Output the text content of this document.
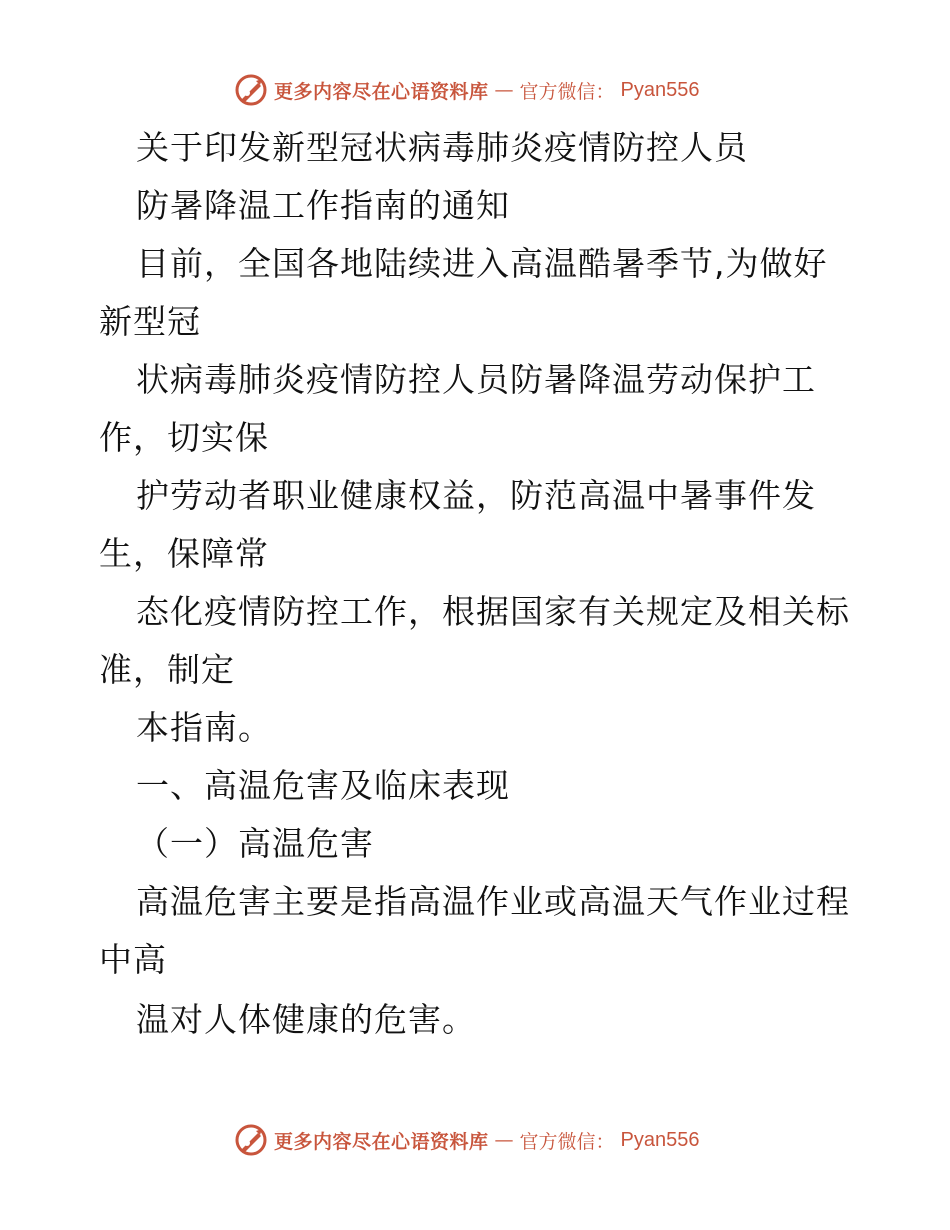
更多内容尽在心语资料库 — 官方微信： Pyan556
关于印发新型冠状病毒肺炎疫情防控人员
防暑降温工作指南的通知
目前，全国各地陆续进入高温酷暑季节,为做好
新型冠
状病毒肺炎疫情防控人员防暑降温劳动保护工
作，切实保
护劳动者职业健康权益，防范高温中暑事件发
生，保障常
态化疫情防控工作，根据国家有关规定及相关标
准，制定
本指南。
一、高温危害及临床表现
（一）高温危害
高温危害主要是指高温作业或高温天气作业过程
中高
温对人体健康的危害。
更多内容尽在心语资料库 — 官方微信： Pyan556
